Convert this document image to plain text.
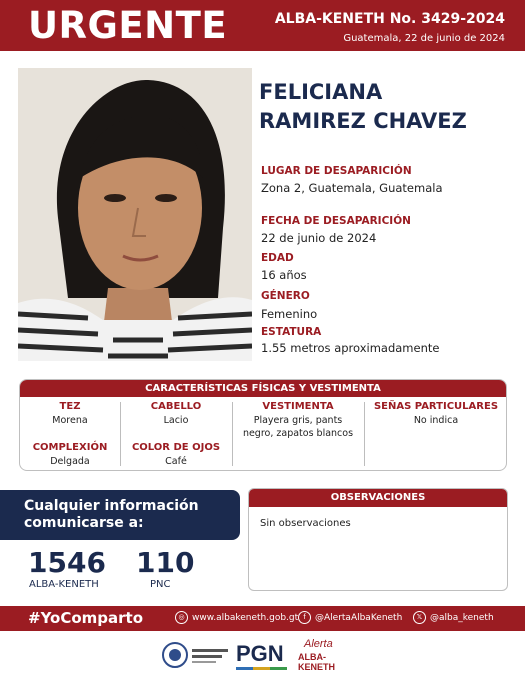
URGENTE	ALBA-KENETH No. 3429-2024
Guatemala, 22 de junio de 2024
FELICIANA
RAMIREZ CHAVEZ
LUGAR DE DESAPARICIÓN
Zona 2, Guatemala, Guatemala
FECHA DE DESAPARICIÓN
22 de junio de 2024
EDAD
16 años
GÉNERO
Femenino
ESTATURA
1.55 metros aproximadamente
CARACTERÍSTICAS FÍSICAS Y VESTIMENTA
TEZ
Morena
COMPLEXIÓN
Delgada
CABELLO
Lacio
COLOR DE OJOS
Café
VESTIMENTA
Playera gris, pants
negro, zapatos blancos
SEÑAS PARTICULARES
No indica
Cualquier información
comunicarse a:
1546
ALBA-KENETH
110
PNC
OBSERVACIONES
Sin observaciones
#YoComparto	◎ www.albakeneth.gob.gt f	@AlertaAlbaKeneth	𝕏 @alba_keneth
PGN Alerta
ALBA-KENETH
